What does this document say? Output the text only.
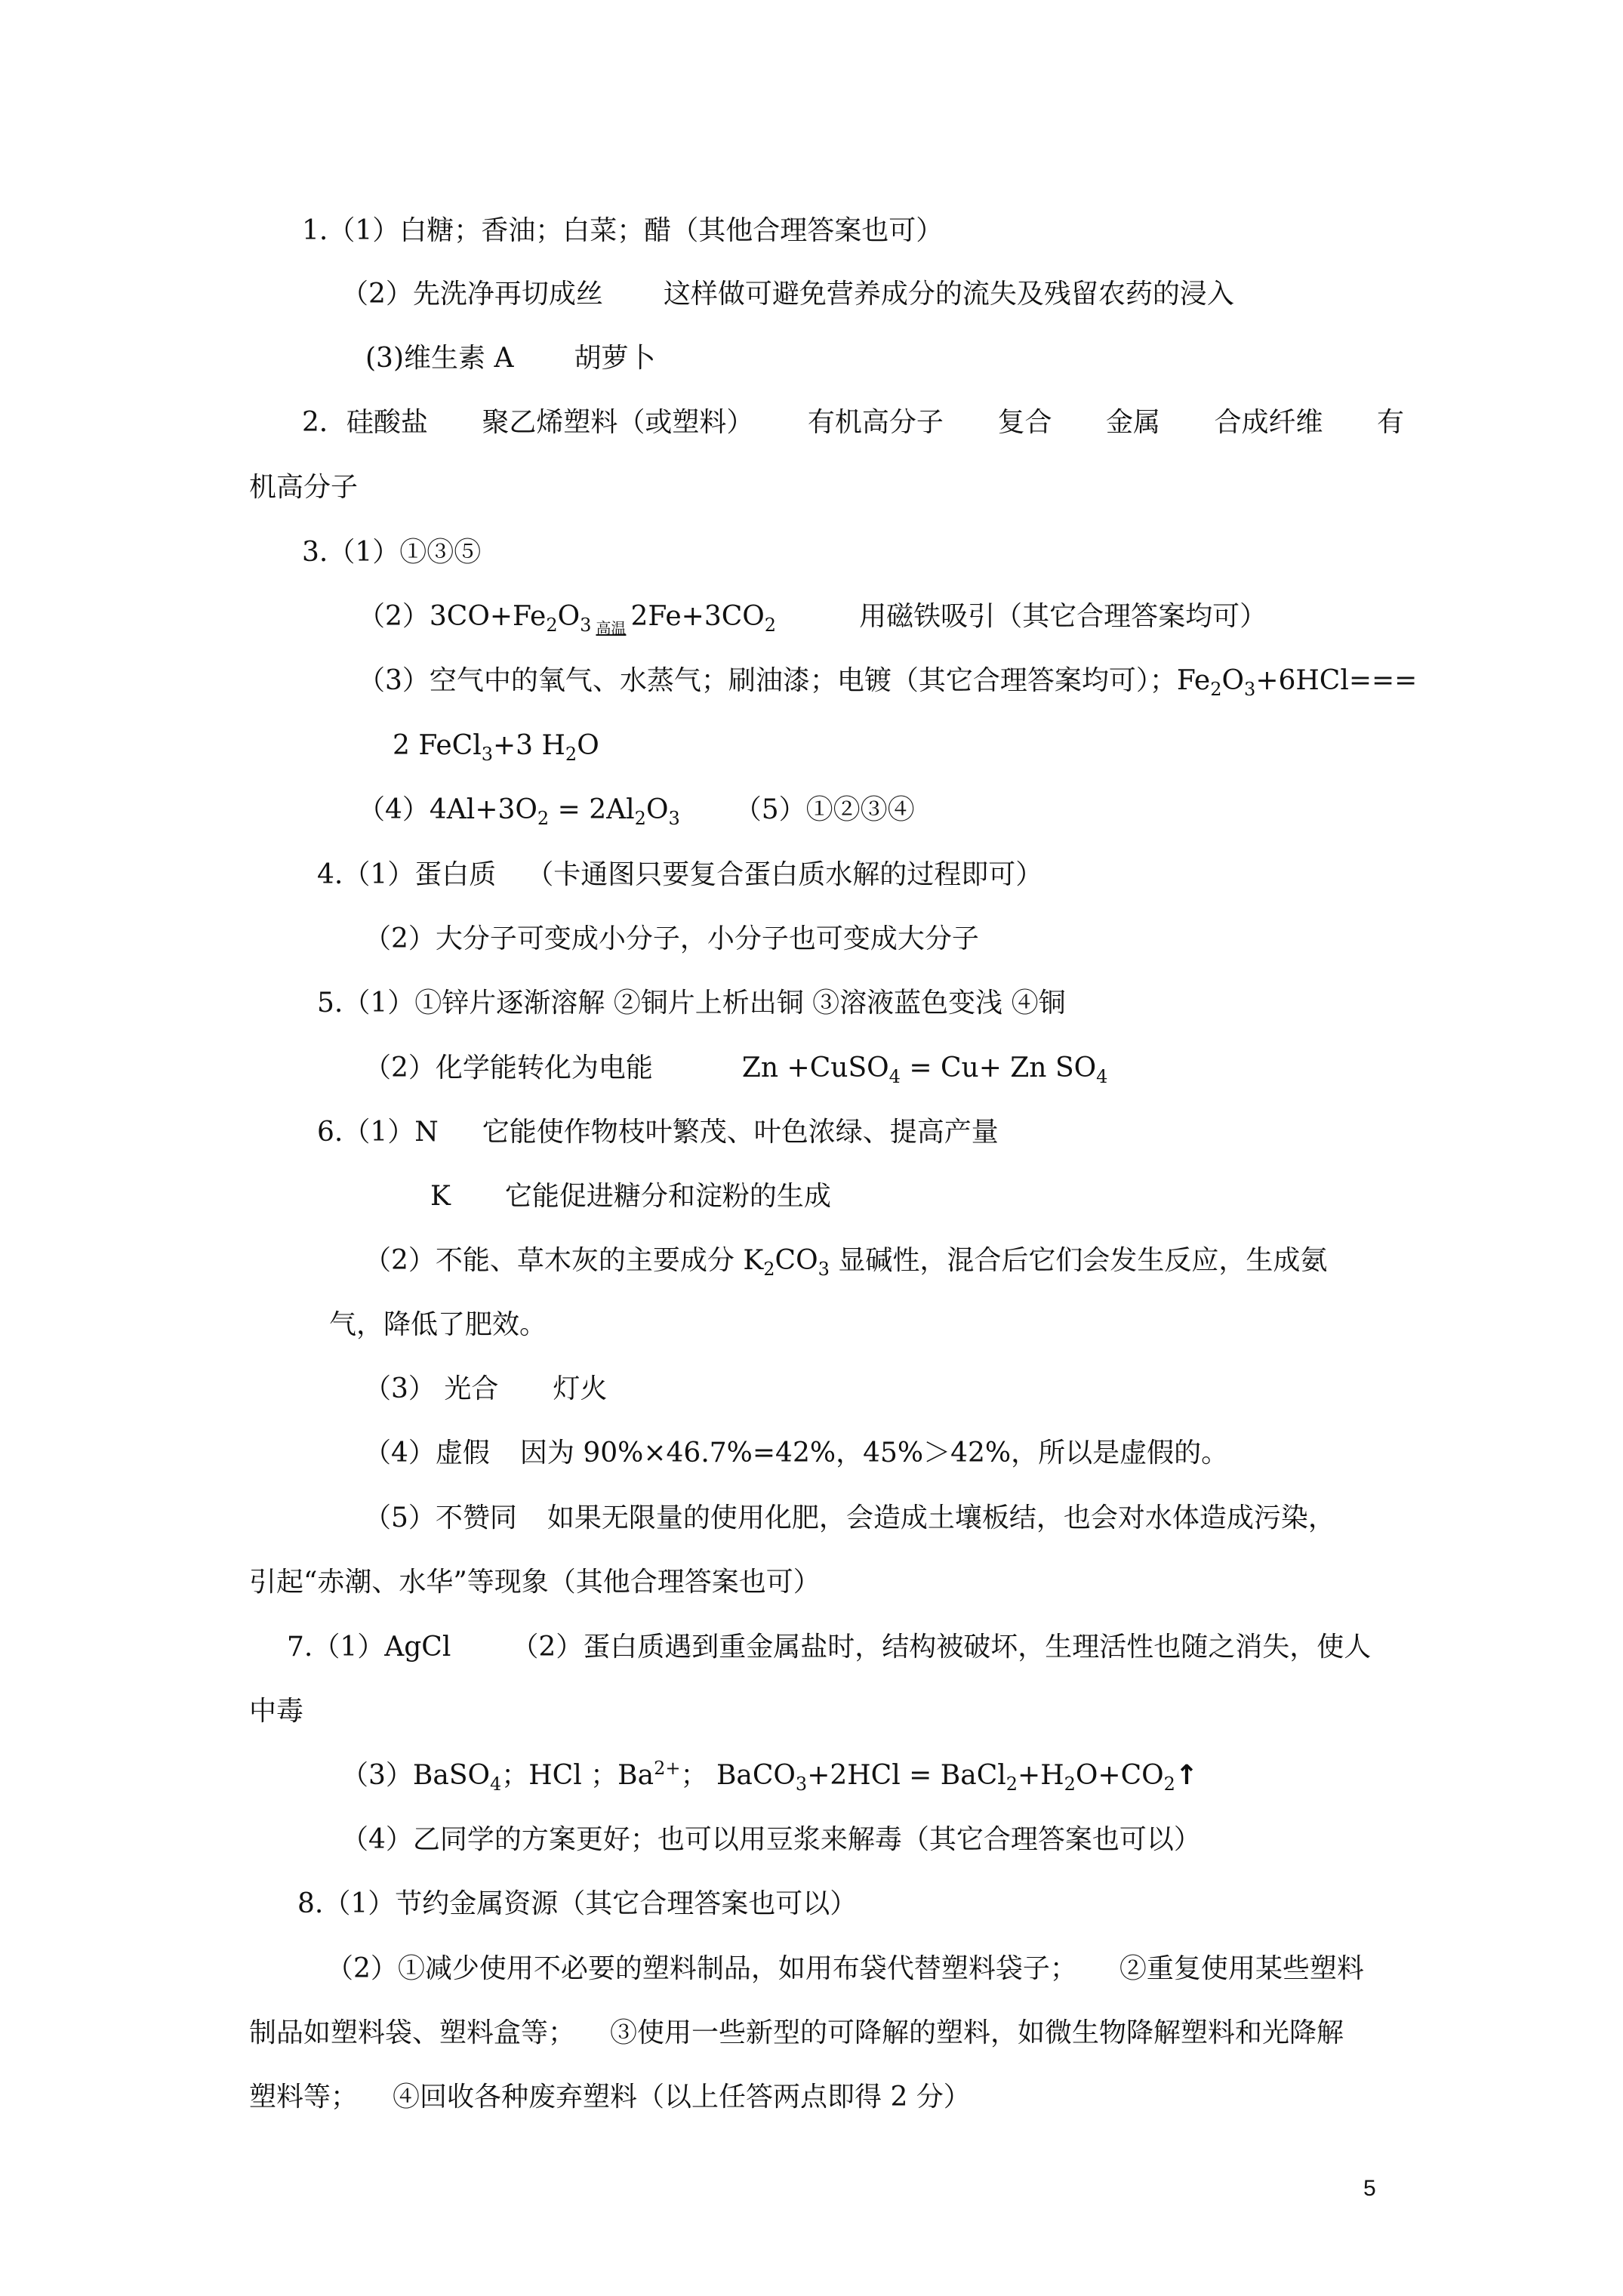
1.（1）白糖；香油；白菜；醋（其他合理答案也可）
（2）先洗净再切成丝 这样做可避免营养成分的流失及残留农药的浸入
(3)维生素 A 胡萝卜
2．硅酸盐 聚乙烯塑料（或塑料） 有机高分子 复合 金属 合成纤维 有
机高分子
3.（1）①③⑤
$(2)3CO+Fe_2O_3$ 高温 $2Fe+3CO_2$	用磁铁吸引（其它合理答案均可）
（3）空气中的氧气、水蒸气；刷油漆；电镀（其它合理答案均可）；$Fe_2O_3+6HCl===$
2 FeCl$_3$+3 $H_2O$
$(4)4Al+3O_2 = 2Al_2O_3$ （5）①②③④
4.（1）蛋白质 （卡通图只要复合蛋白质水解的过程即可）
（2）大分子可变成小分子，小分子也可变成大分子
5.（1）①锌片逐渐溶解 ②铜片上析出铜 ③溶液蓝色变浅 ④铜
（2）化学能转化为电能	Zn +CuSO$_4$ = Cu+ Zn $SO_4$
6.（1）N 它能使作物枝叶繁茂、叶色浓绿、提高产量
K 它能促进糖分和淀粉的生成
（2）不能、草木灰的主要成分 $K_2CO_3$ 显碱性，混合后它们会发生反应，生成氨
气，降低了肥效。
（3） 光合 灯火
（4）虚假 因为 90%×46.7%=42%，45%＞42%，所以是虚假的。
（5）不赞同 如果无限量的使用化肥，会造成土壤板结，也会对水体造成污染，
引起“赤潮、水华”等现象（其他合理答案也可）
7.（1）AgCl （2）蛋白质遇到重金属盐时，结构被破坏，生理活性也随之消失，使人
中毒
（3）BaSO$_4$；HCl ；$Ba^{2+}$； BaCO$_3$+2HCl = $BaCl_2+H_2O+CO_2↑$
（4）乙同学的方案更好；也可以用豆浆来解毒（其它合理答案也可以）
8.（1）节约金属资源（其它合理答案也可以）
（2）①减少使用不必要的塑料制品，如用布袋代替塑料袋子； ②重复使用某些塑料
制品如塑料袋、塑料盒等； ③使用一些新型的可降解的塑料，如微生物降解塑料和光降解
塑料等； ④回收各种废弃塑料（以上任答两点即得 2 分）
5
